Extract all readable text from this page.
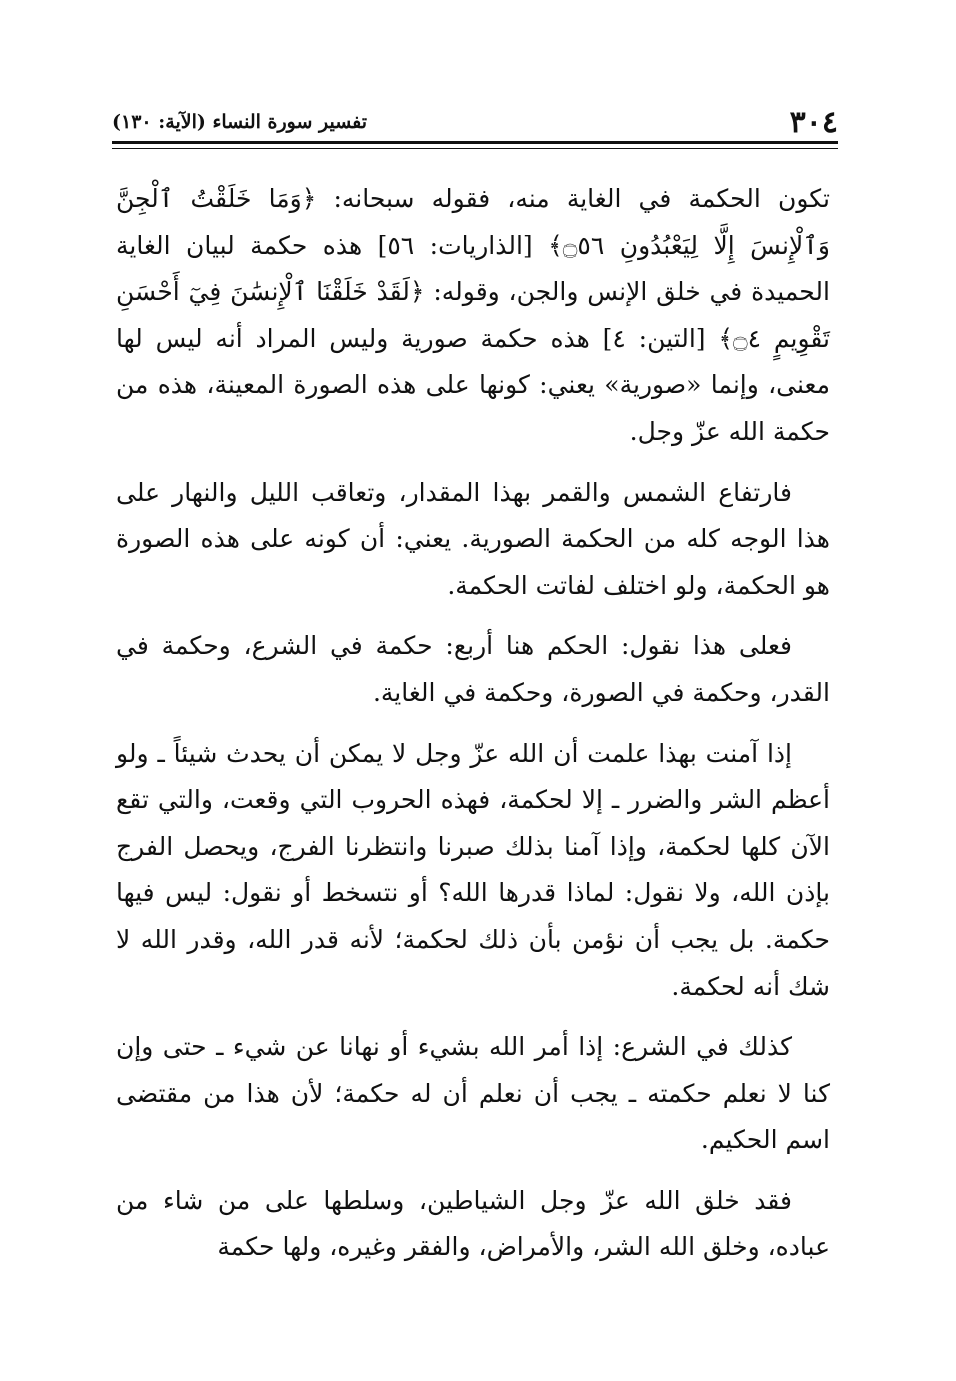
٣٠٤
تفسير سورة النساء (الآية: ١٣٠)

تكون الحكمة في الغاية منه، فقوله سبحانه: ﴿وَمَا خَلَقْتُ ٱلْجِنَّ وَٱلْإِنسَ إِلَّا لِيَعْبُدُونِ ۝٥٦﴾ [الذاريات: ٥٦] هذه حكمة لبيان الغاية الحميدة في خلق الإنس والجن، وقوله: ﴿لَقَدْ خَلَقْنَا ٱلْإِنسَٰنَ فِيٓ أَحْسَنِ تَقْوِيمٍ ۝٤﴾ [التين: ٤] هذه حكمة صورية وليس المراد أنه ليس لها معنى، وإنما «صورية» يعني: كونها على هذه الصورة المعينة، هذه من حكمة الله عزّ وجل.

فارتفاع الشمس والقمر بهذا المقدار، وتعاقب الليل والنهار على هذا الوجه كله من الحكمة الصورية. يعني: أن كونه على هذه الصورة هو الحكمة، ولو اختلف لفاتت الحكمة.

فعلى هذا نقول: الحكم هنا أربع: حكمة في الشرع، وحكمة في القدر، وحكمة في الصورة، وحكمة في الغاية.

إذا آمنت بهذا علمت أن الله عزّ وجل لا يمكن أن يحدث شيئاً ـ ولو أعظم الشر والضرر ـ إلا لحكمة، فهذه الحروب التي وقعت، والتي تقع الآن كلها لحكمة، وإذا آمنا بذلك صبرنا وانتظرنا الفرج، ويحصل الفرج بإذن الله، ولا نقول: لماذا قدرها الله؟ أو نتسخط أو نقول: ليس فيها حكمة. بل يجب أن نؤمن بأن ذلك لحكمة؛ لأنه قدر الله، وقدر الله لا شك أنه لحكمة.

كذلك في الشرع: إذا أمر الله بشيء أو نهانا عن شيء ـ حتى وإن كنا لا نعلم حكمته ـ يجب أن نعلم أن له حكمة؛ لأن هذا من مقتضى اسم الحكيم.

فقد خلق الله عزّ وجل الشياطين، وسلطها على من شاء من عباده، وخلق الله الشر، والأمراض، والفقر وغيره، ولها حكمة
